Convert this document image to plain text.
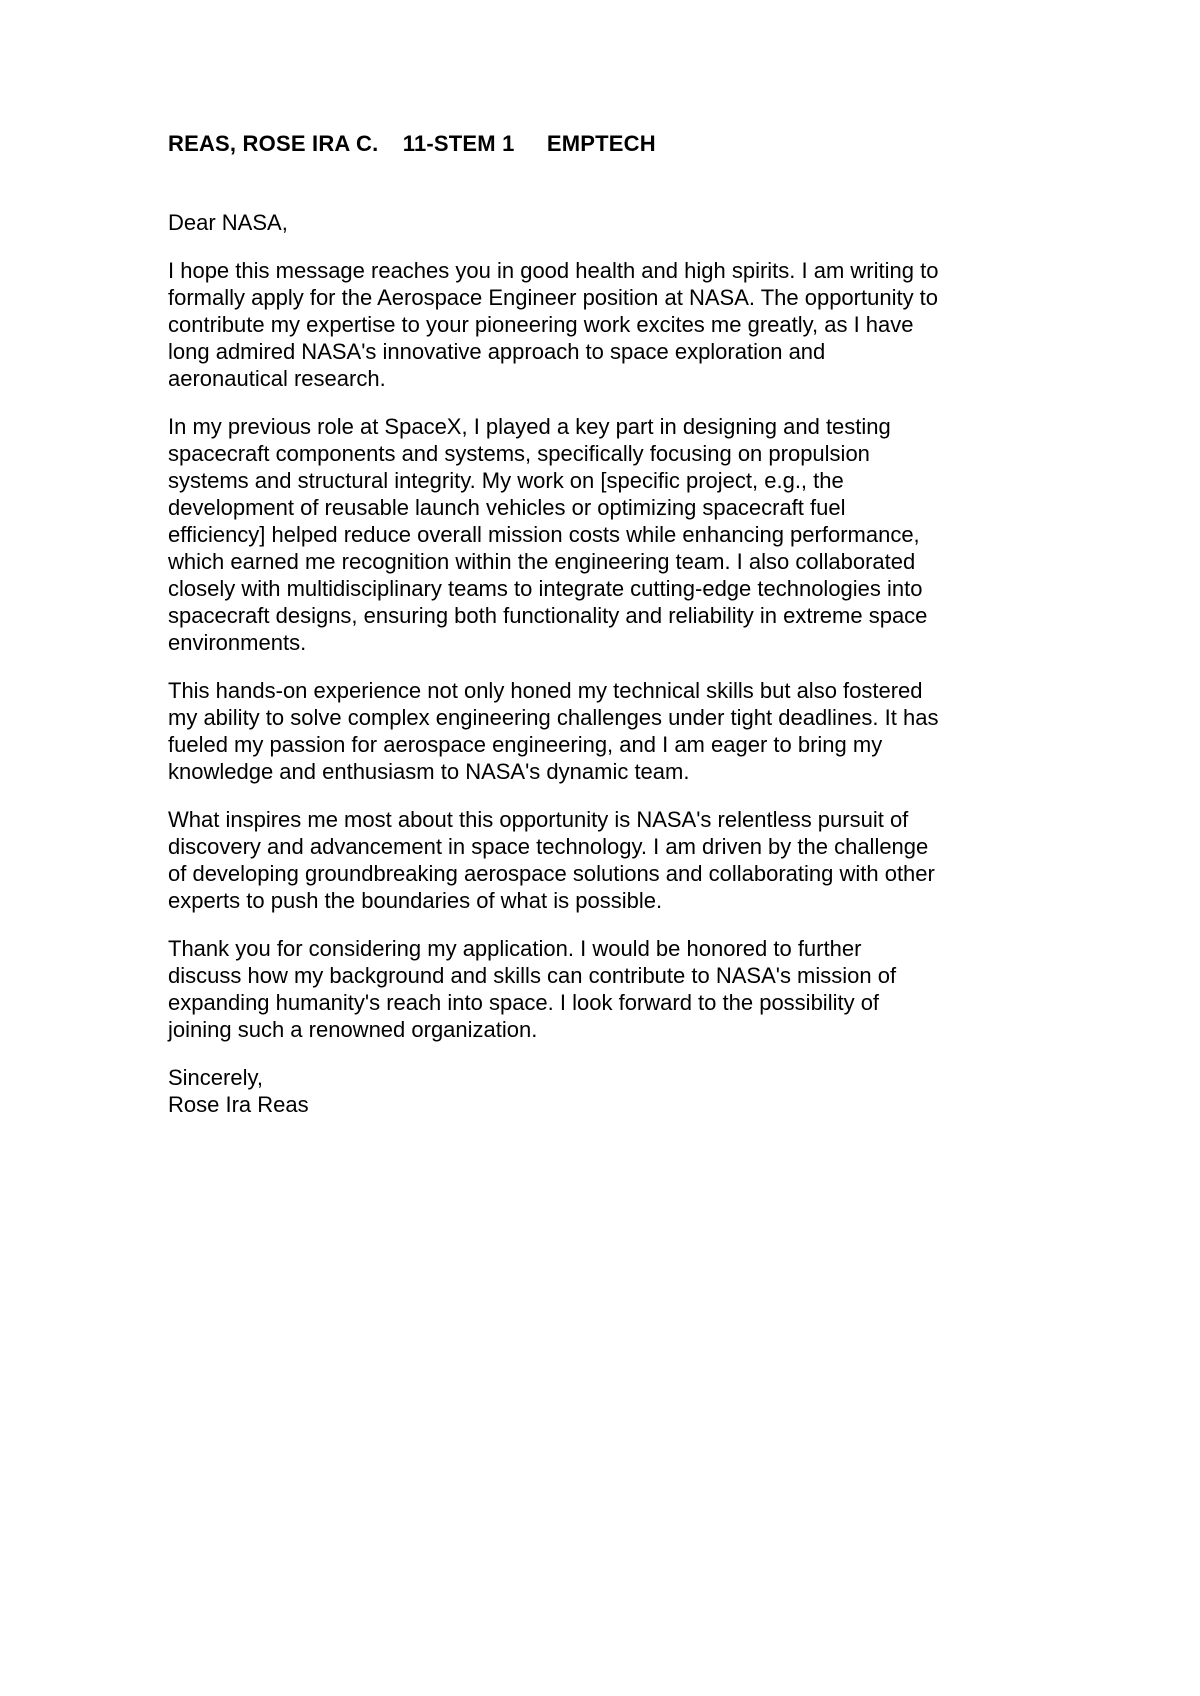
REAS, ROSE IRA C. 11-STEM 1 EMPTECH
Dear NASA,

I hope this message reaches you in good health and high spirits. I am writing to formally apply for the Aerospace Engineer position at NASA. The opportunity to contribute my expertise to your pioneering work excites me greatly, as I have long admired NASA's innovative approach to space exploration and aeronautical research.

In my previous role at SpaceX, I played a key part in designing and testing spacecraft components and systems, specifically focusing on propulsion systems and structural integrity. My work on [specific project, e.g., the development of reusable launch vehicles or optimizing spacecraft fuel efficiency] helped reduce overall mission costs while enhancing performance, which earned me recognition within the engineering team. I also collaborated closely with multidisciplinary teams to integrate cutting-edge technologies into spacecraft designs, ensuring both functionality and reliability in extreme space environments.

This hands-on experience not only honed my technical skills but also fostered my ability to solve complex engineering challenges under tight deadlines. It has fueled my passion for aerospace engineering, and I am eager to bring my knowledge and enthusiasm to NASA's dynamic team.

What inspires me most about this opportunity is NASA's relentless pursuit of discovery and advancement in space technology. I am driven by the challenge of developing groundbreaking aerospace solutions and collaborating with other experts to push the boundaries of what is possible.

Thank you for considering my application. I would be honored to further discuss how my background and skills can contribute to NASA's mission of expanding humanity's reach into space. I look forward to the possibility of joining such a renowned organization.

Sincerely,
Rose Ira Reas
